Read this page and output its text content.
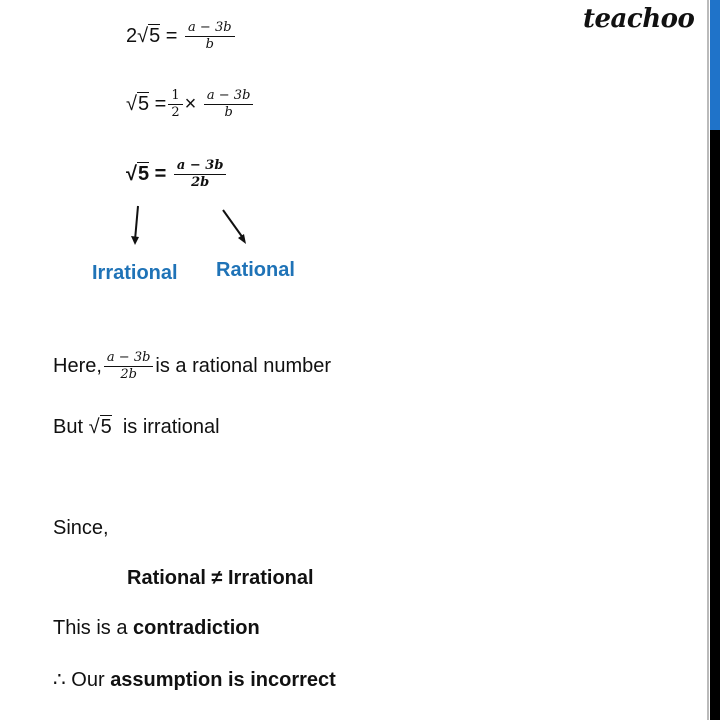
teachoo
$2√5 = \frac{a - 3b}{b}$
$√5 = \frac{1}{2} \times \frac{a - 3b}{b}$
$√5 = \frac{a - 3b}{2b}$
Irrational Rational
Here, $\frac{a - 3b}{2b}$ is a rational number
But √5 is irrational
Since,
Rational ≠ Irrational
This is a contradiction
∴ Our assumption is incorrect
